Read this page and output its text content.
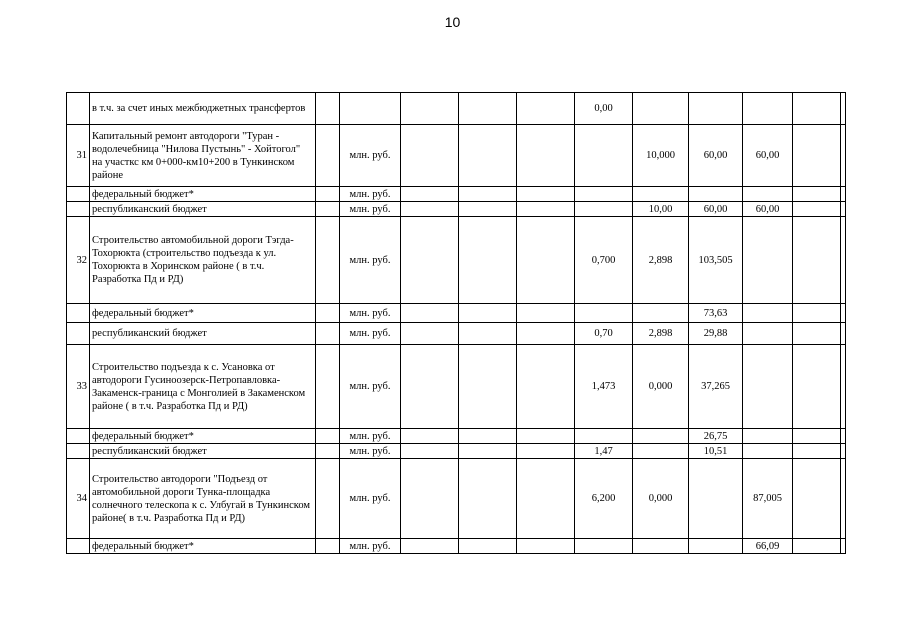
10
	в т.ч. за счет иных межбюджетных трансфертов						0,00					
31	Капитальный ремонт автодороги "Туран - водолечебница "Нилова Пустынь" - Хойтогол" на участкс км 0+000-км10+200 в Тункинском районе		млн. руб.					10,000	60,00	60,00		
	федеральный бюджет*		млн. руб.									
	республиканский бюджет		млн. руб.					10,00	60,00	60,00		
32	Строительство автомобильной дороги Тэгда-Тохорюкта (строительство подъезда к ул. Тохорюкта в Хоринском районе ( в т.ч. Разработка Пд и РД)		млн. руб.				0,700	2,898	103,505			
	федеральный бюджет*		млн. руб.						73,63			
	республиканский бюджет		млн. руб.				0,70	2,898	29,88			
33	Строительство подъезда к с. Усановка от автодороги Гусиноозерск-Петропавловка-Закаменск-граница с Монголией в Закаменском районе ( в т.ч. Разработка Пд и РД)		млн. руб.				1,473	0,000	37,265			
	федеральный бюджет*		млн. руб.						26,75			
	республиканский бюджет		млн. руб.				1,47		10,51			
34	Строительство автодороги "Подъезд от автомобильной дороги Тунка-площадка солнечного телескопа к с. Улбугай в Тункинском районе( в т.ч. Разработка Пд и РД)		млн. руб.				6,200	0,000		87,005		
	федеральный бюджет*		млн. руб.							66,09		
